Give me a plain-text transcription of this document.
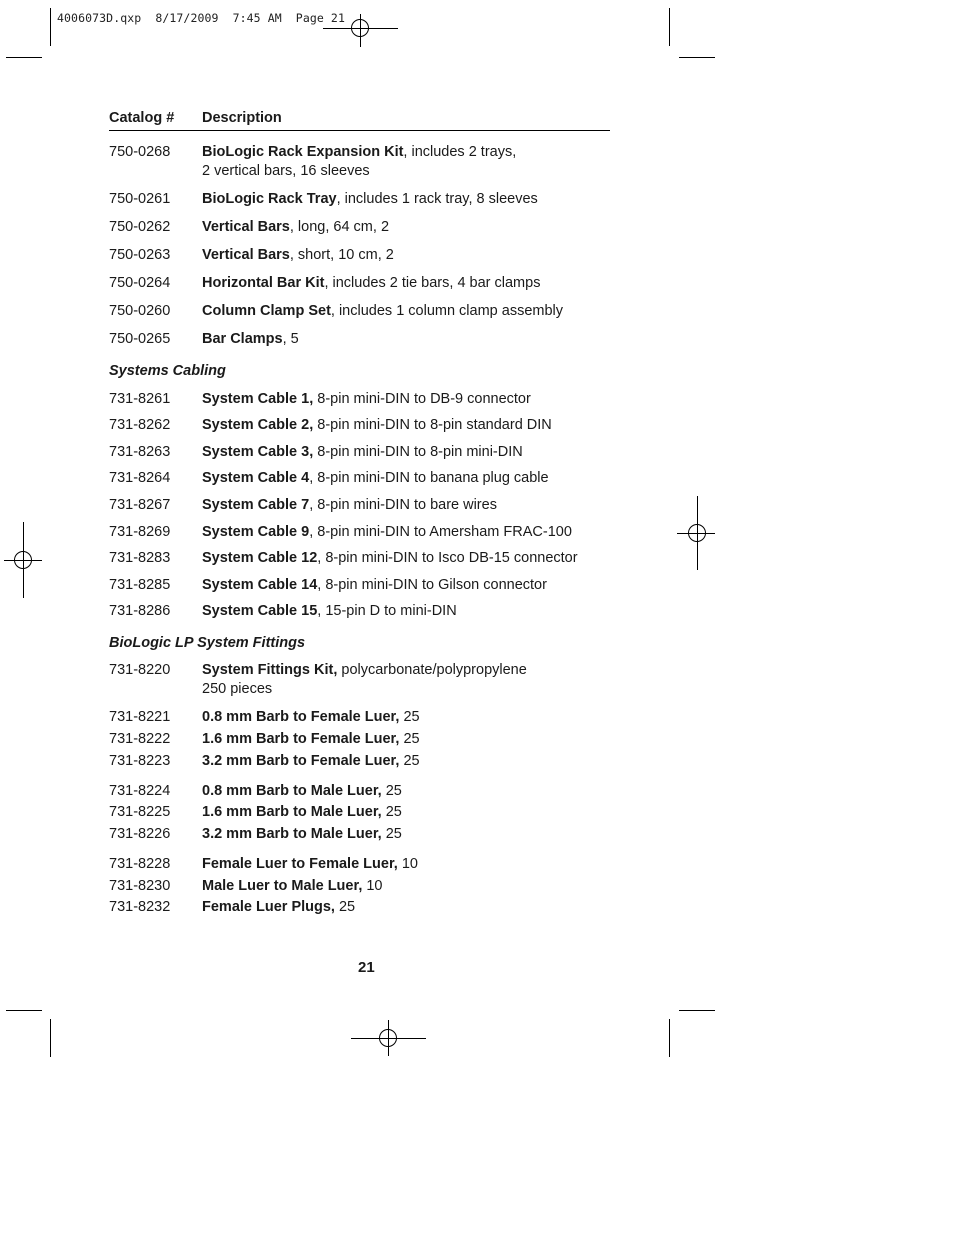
4006073D.qxp  8/17/2009  7:45 AM  Page 21
Catalog # Description
750-0268 BioLogic Rack Expansion Kit, includes 2 trays,
2 vertical bars, 16 sleeves
750-0261 BioLogic Rack Tray, includes 1 rack tray, 8 sleeves
750-0262 Vertical Bars, long, 64 cm, 2
750-0263 Vertical Bars, short, 10 cm, 2
750-0264 Horizontal Bar Kit, includes 2 tie bars, 4 bar clamps
750-0260 Column Clamp Set, includes 1 column clamp assembly
750-0265 Bar Clamps, 5
Systems Cabling
731-8261 System Cable 1, 8-pin mini-DIN to DB-9 connector
731-8262 System Cable 2, 8-pin mini-DIN to 8-pin standard DIN
731-8263 System Cable 3, 8-pin mini-DIN to 8-pin mini-DIN
731-8264 System Cable 4, 8-pin mini-DIN to banana plug cable
731-8267 System Cable 7, 8-pin mini-DIN to bare wires
731-8269 System Cable 9, 8-pin mini-DIN to Amersham FRAC-100
731-8283 System Cable 12, 8-pin mini-DIN to Isco DB-15 connector
731-8285 System Cable 14, 8-pin mini-DIN to Gilson connector
731-8286 System Cable 15, 15-pin D to mini-DIN
BioLogic LP System Fittings
731-8220 System Fittings Kit, polycarbonate/polypropylene
250 pieces
731-8221 0.8 mm Barb to Female Luer, 25
731-8222 1.6 mm Barb to Female Luer, 25
731-8223 3.2 mm Barb to Female Luer, 25
731-8224 0.8 mm Barb to Male Luer, 25
731-8225 1.6 mm Barb to Male Luer, 25
731-8226 3.2 mm Barb to Male Luer, 25
731-8228 Female Luer to Female Luer, 10
731-8230 Male Luer to Male Luer, 10
731-8232 Female Luer Plugs, 25
21
